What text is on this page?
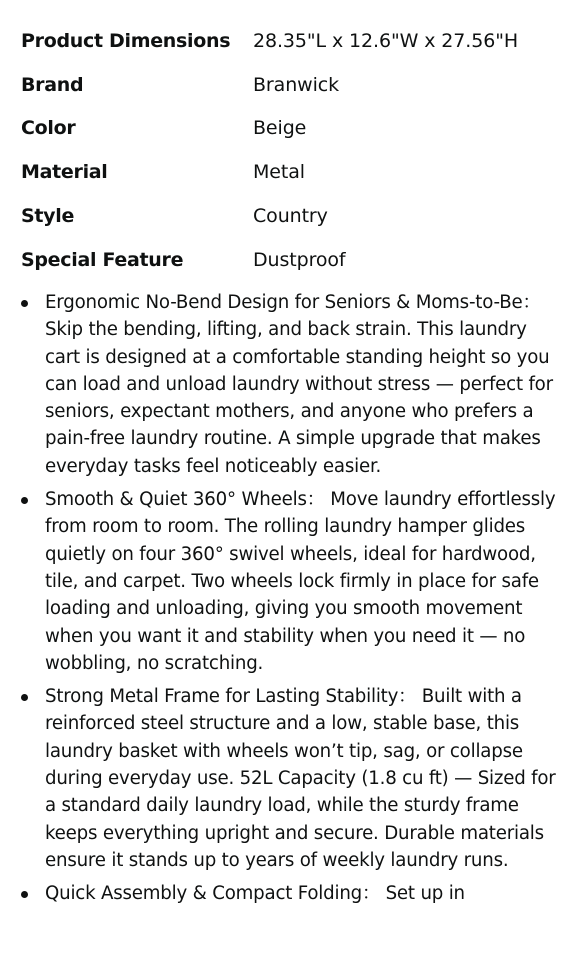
Product Dimensions	28.35"L x 12.6"W x 27.56"H
Brand	Branwick
Color	Beige
Material	Metal
Style	Country
Special Feature	Dustproof
Ergonomic No-Bend Design for Seniors & Moms-to-Be： Skip the bending, lifting, and back strain. This laundry cart is designed at a comfortable standing height so you can load and unload laundry without stress — perfect for seniors, expectant mothers, and anyone who prefers a pain-free laundry routine. A simple upgrade that makes everyday tasks feel noticeably easier.
Smooth & Quiet 360° Wheels： Move laundry effortlessly from room to room. The rolling laundry hamper glides quietly on four 360° swivel wheels, ideal for hardwood, tile, and carpet. Two wheels lock firmly in place for safe loading and unloading, giving you smooth movement when you want it and stability when you need it — no wobbling, no scratching.
Strong Metal Frame for Lasting Stability： Built with a reinforced steel structure and a low, stable base, this laundry basket with wheels won’t tip, sag, or collapse during everyday use. 52L Capacity (1.8 cu ft) — Sized for a standard daily laundry load, while the sturdy frame keeps everything upright and secure. Durable materials ensure it stands up to years of weekly laundry runs.
Quick Assembly & Compact Folding： Set up in
